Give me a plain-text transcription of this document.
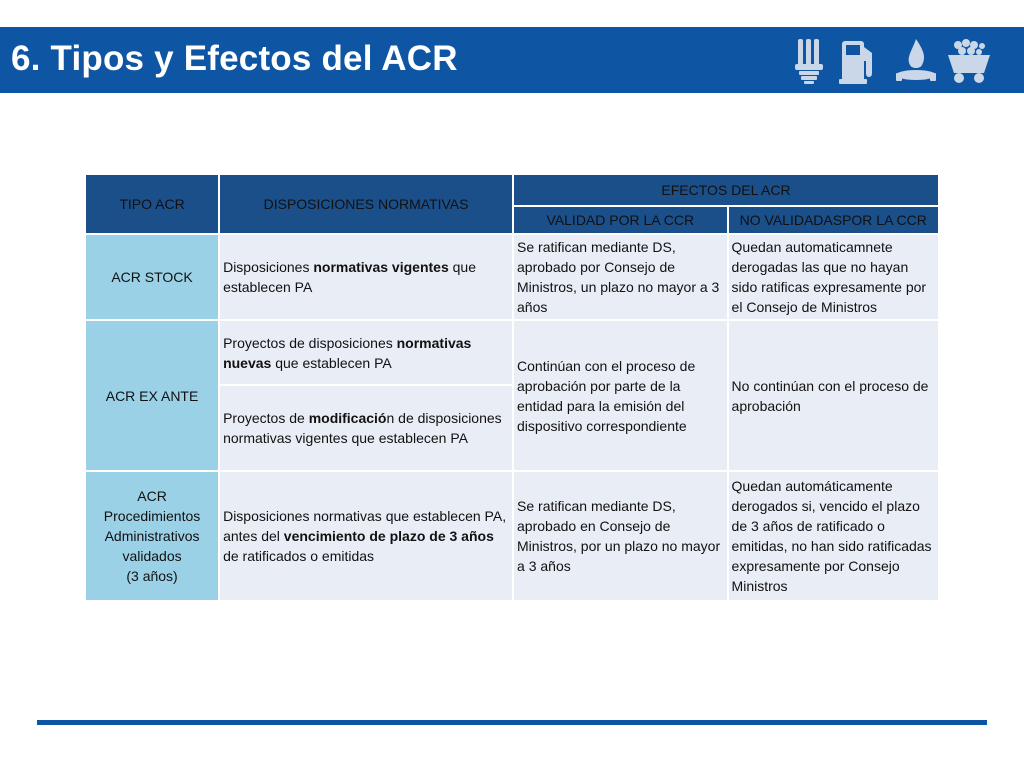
6. Tipos y Efectos del ACR
TIPO ACR	DISPOSICIONES NORMATIVAS	EFECTOS DEL ACR	
		VALIDAD POR LA CCR	NO VALIDADASPOR LA CCR
ACR STOCK	Disposiciones normativas vigentes que establecen PA	Se ratifican mediante DS, aprobado por Consejo de Ministros, un plazo no mayor a 3 años	Quedan automaticamnete derogadas las que no hayan sido ratificas expresamente por el Consejo de Ministros
ACR EX ANTE	Proyectos de disposiciones normativas nuevas que establecen PA	Continúan con el proceso de aprobación por parte de la entidad para la emisión del dispositivo correspondiente	No continúan con el proceso de aprobación
	Proyectos de modificación de disposiciones normativas vigentes que establecen PA		

ACR
Procedimientos
Administrativos
validados
(3 años)	Disposiciones normativas que establecen PA, antes del vencimiento de plazo de 3 años de ratificados o emitidas	Se ratifican mediante DS, aprobado en Consejo de Ministros, por un plazo no mayor a 3 años	Quedan automáticamente derogados si, vencido el plazo de 3 años de ratificado o emitidas, no han sido ratificadas expresamente por Consejo Ministros
